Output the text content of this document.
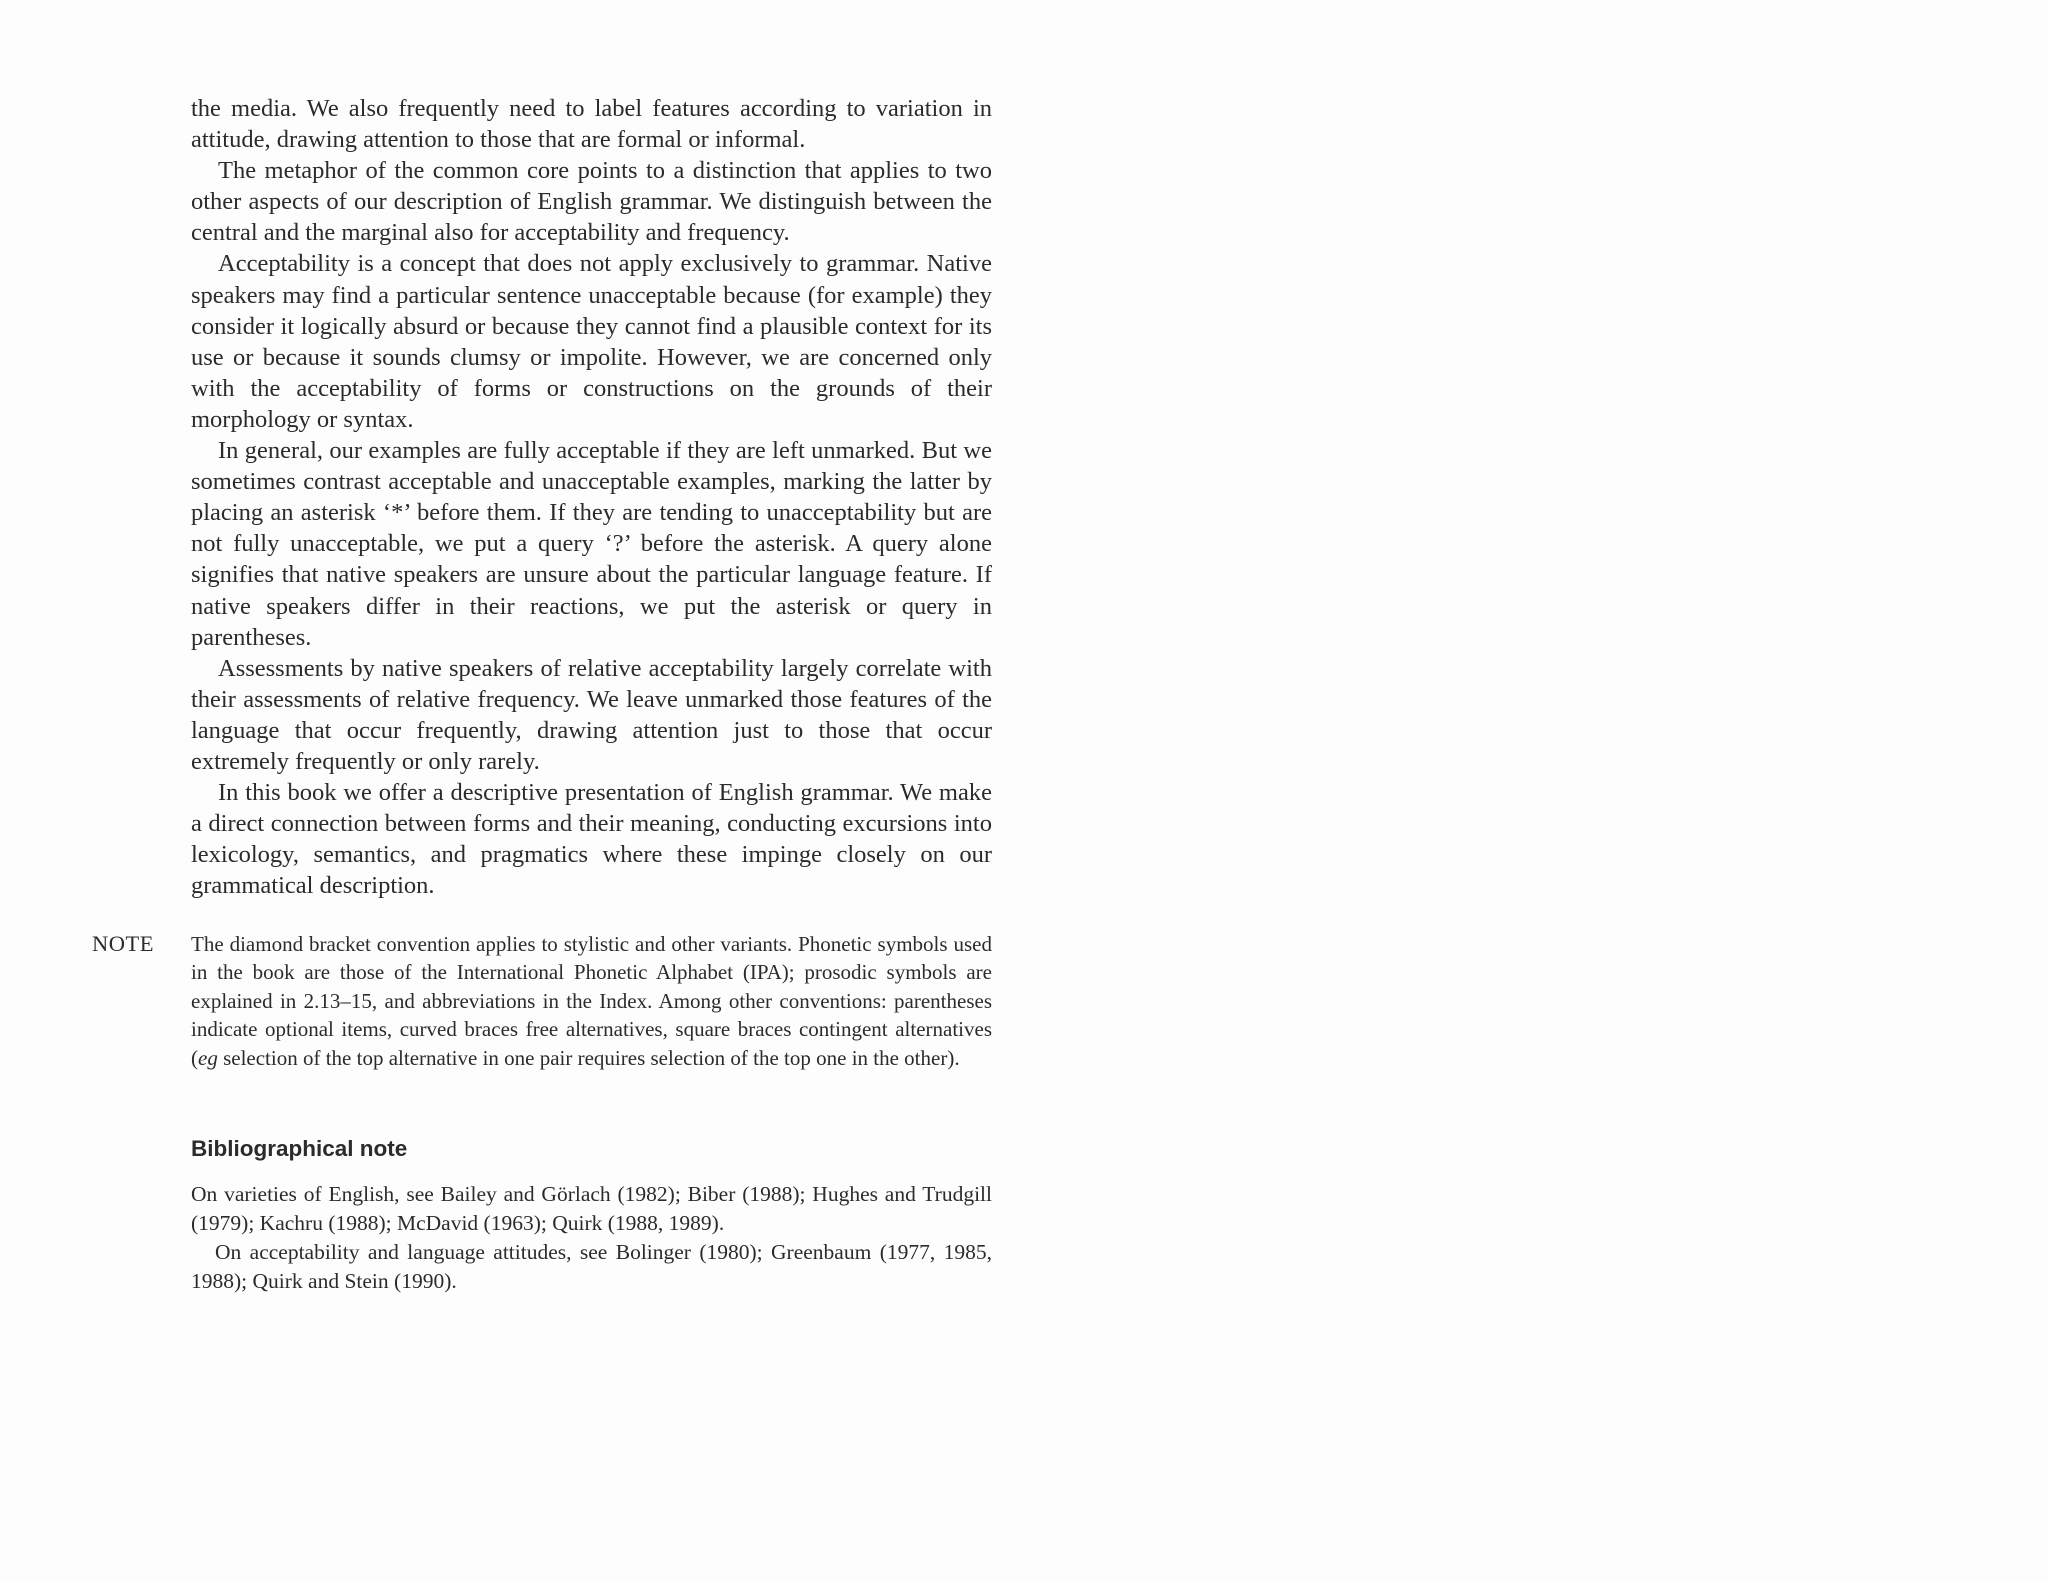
the media. We also frequently need to label features according to variation in attitude, drawing attention to those that are formal or informal.

The metaphor of the common core points to a distinction that applies to two other aspects of our description of English grammar. We distinguish between the central and the marginal also for acceptability and frequency.

Acceptability is a concept that does not apply exclusively to grammar. Native speakers may find a particular sentence unacceptable because (for example) they consider it logically absurd or because they cannot find a plausible context for its use or because it sounds clumsy or impolite. However, we are concerned only with the acceptability of forms or constructions on the grounds of their morphology or syntax.

In general, our examples are fully acceptable if they are left unmarked. But we sometimes contrast acceptable and unacceptable examples, marking the latter by placing an asterisk ‘*’ before them. If they are tending to unacceptability but are not fully unacceptable, we put a query ‘?’ before the asterisk. A query alone signifies that native speakers are unsure about the particular language feature. If native speakers differ in their reactions, we put the asterisk or query in parentheses.

Assessments by native speakers of relative acceptability largely correlate with their assessments of relative frequency. We leave unmarked those features of the language that occur frequently, drawing attention just to those that occur extremely frequently or only rarely.

In this book we offer a descriptive presentation of English grammar. We make a direct connection between forms and their meaning, conducting excursions into lexicology, semantics, and pragmatics where these impinge closely on our grammatical description.

NOTE The diamond bracket convention applies to stylistic and other variants. Phonetic symbols used in the book are those of the International Phonetic Alphabet (IPA); prosodic symbols are explained in 2.13–15, and abbreviations in the Index. Among other conventions: parentheses indicate optional items, curved braces free alternatives, square braces contingent alternatives (eg selection of the top alternative in one pair requires selection of the top one in the other).

Bibliographical note

On varieties of English, see Bailey and Görlach (1982); Biber (1988); Hughes and Trudgill (1979); Kachru (1988); McDavid (1963); Quirk (1988, 1989).

On acceptability and language attitudes, see Bolinger (1980); Greenbaum (1977, 1985, 1988); Quirk and Stein (1990).
